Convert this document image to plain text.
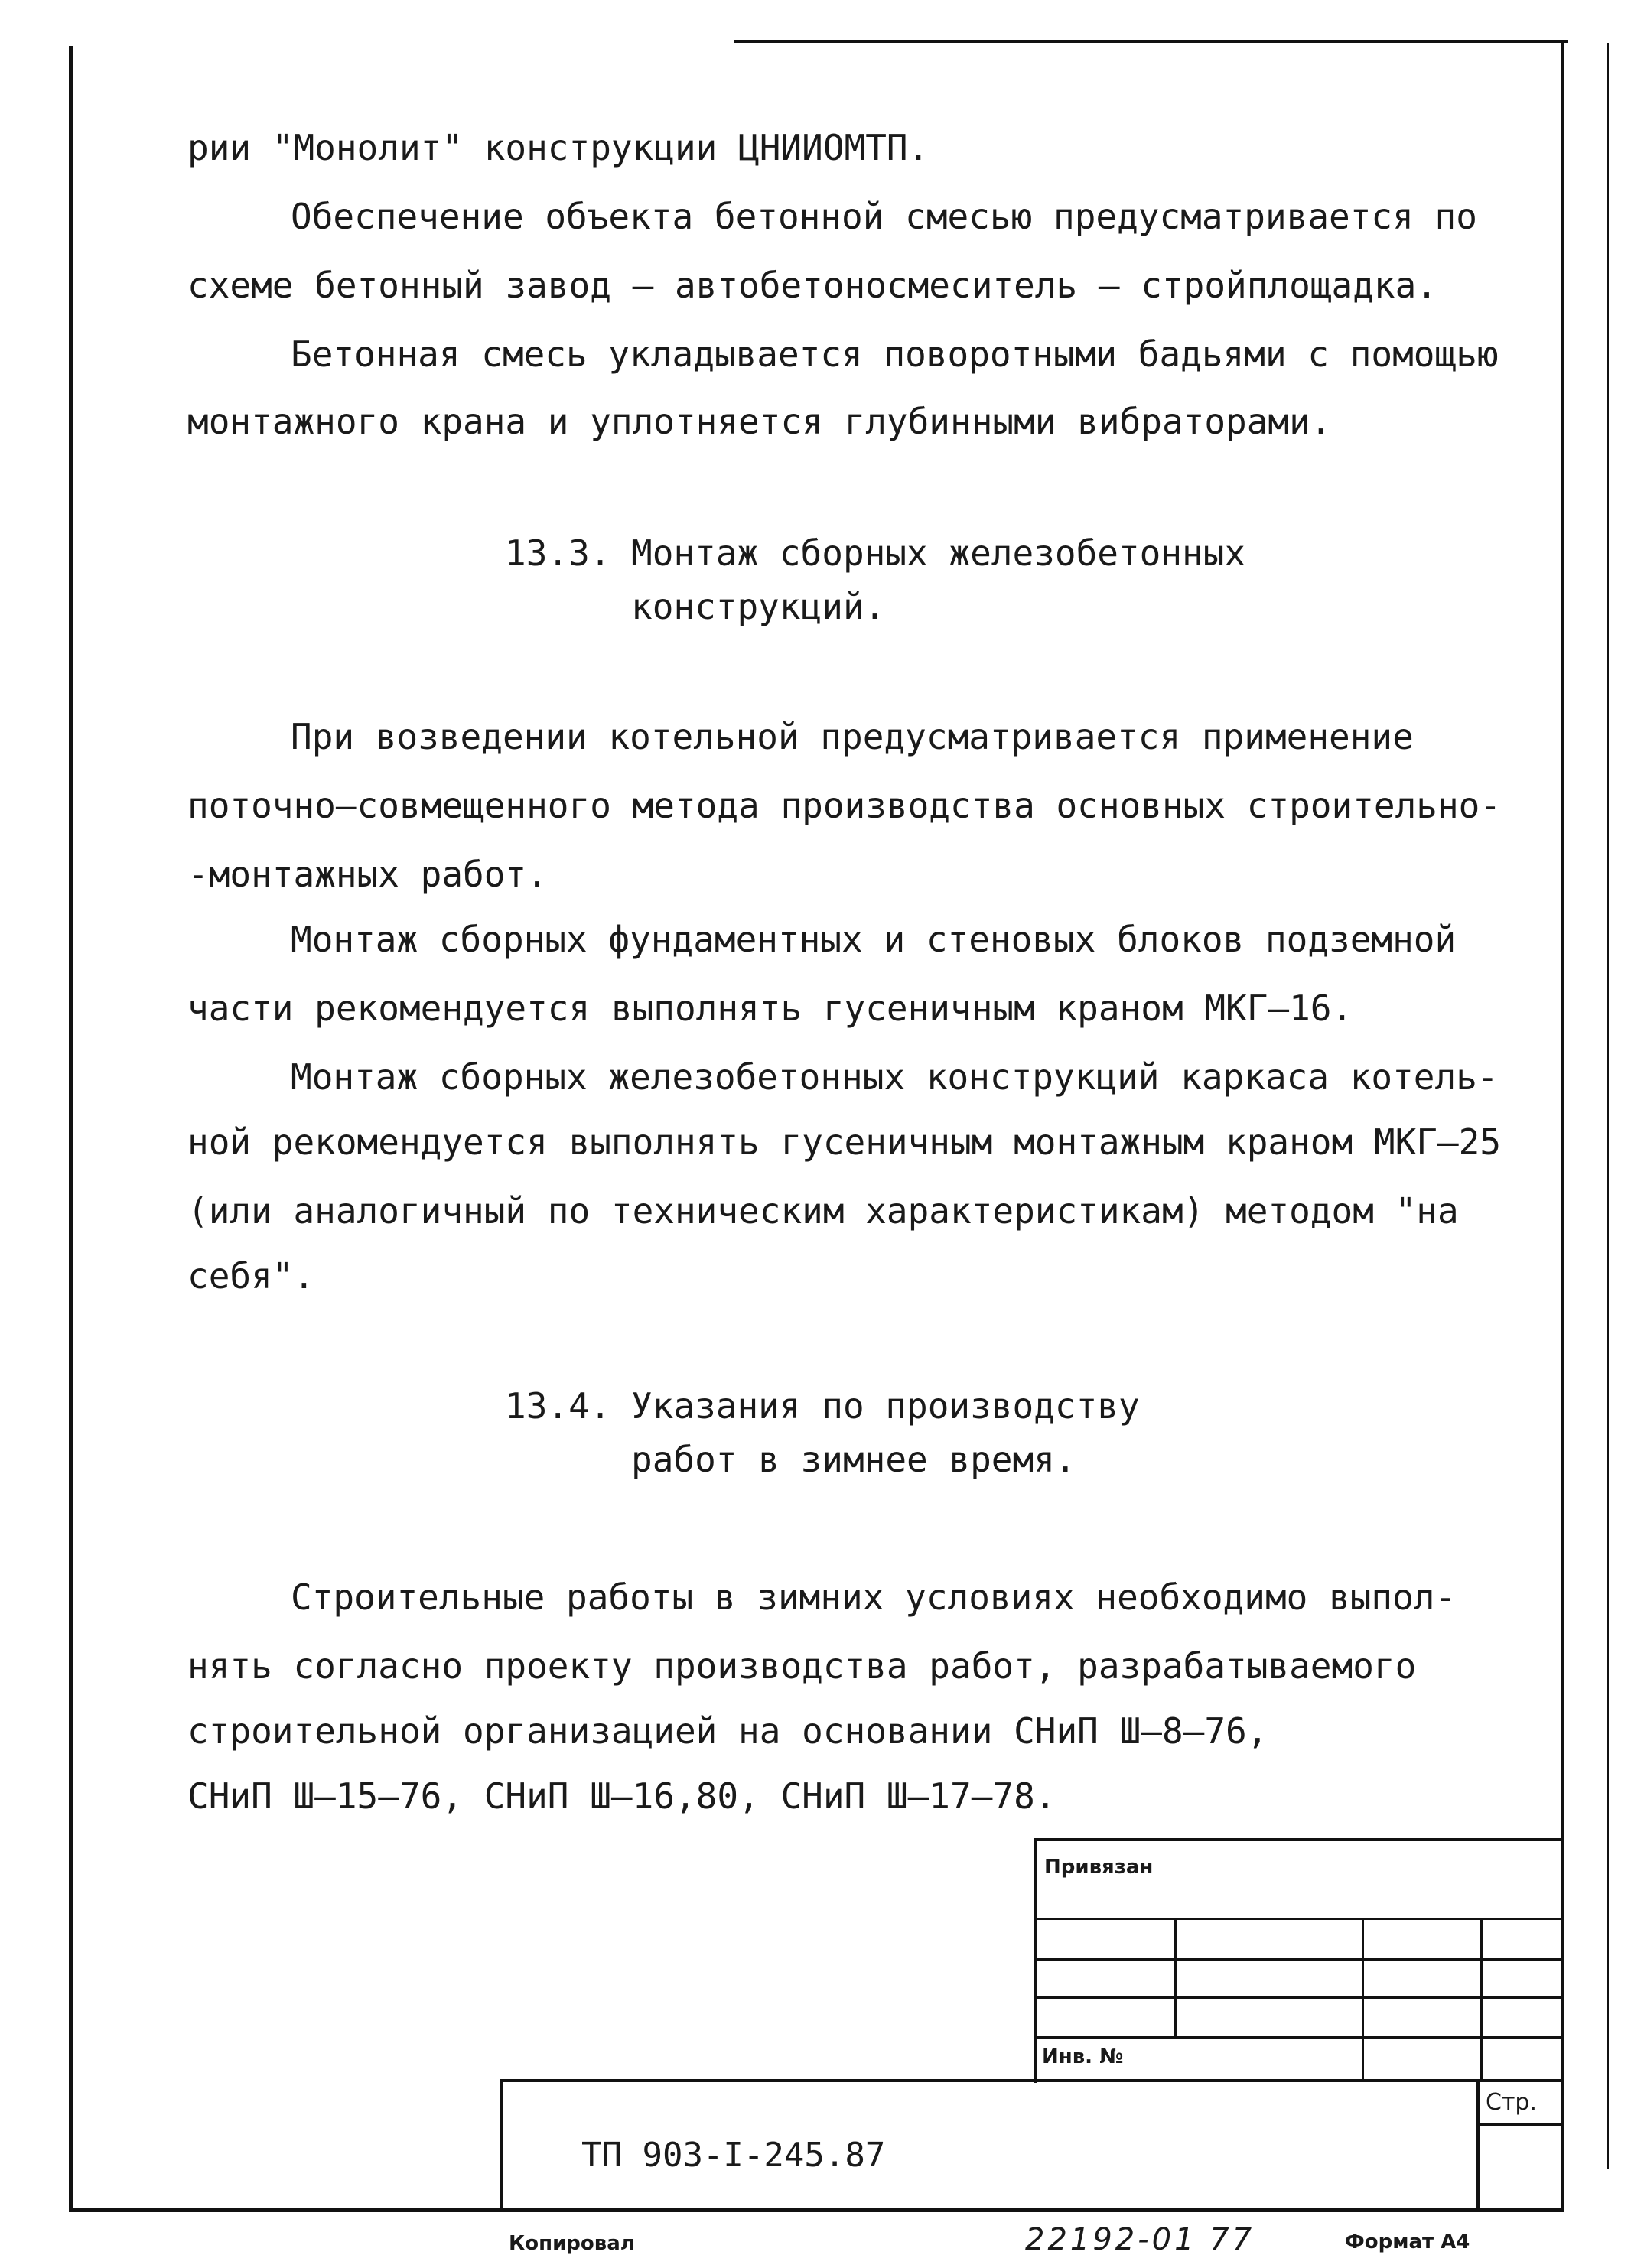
рии "Монолит" конструкции ЦНИИОМТП.
Обеспечение объекта бетонной смесью предусматривается по
схеме бетонный завод – автобетоносмеситель – стройплощадка.
Бетонная смесь укладывается поворотными бадьями с помощью
монтажного крана и уплотняется глубинными вибраторами.
13.3. Монтаж сборных железобетонных
конструкций.
При возведении котельной предусматривается применение
поточно–совмещенного метода производства основных строительно-
-монтажных работ.
Монтаж сборных фундаментных и стеновых блоков подземной
части рекомендуется выполнять гусеничным краном МКГ–16.
Монтаж сборных железобетонных конструкций каркаса котель-
ной рекомендуется выполнять гусеничным монтажным краном МКГ–25
(или аналогичный по техническим характеристикам) методом "на
себя".
13.4. Указания по производству
работ в зимнее время.
Строительные работы в зимних условиях необходимо выпол-
нять согласно проекту производства работ, разрабатываемого
строительной организацией на основании СНиП Ш–8–76,
СНиП Ш–15–76, СНиП Ш–16,80, СНиП Ш–17–78.
Привязан
Инв. №
Стр.
ТП 903-I-245.87
Копировал	22192-01 77	Формат А4
